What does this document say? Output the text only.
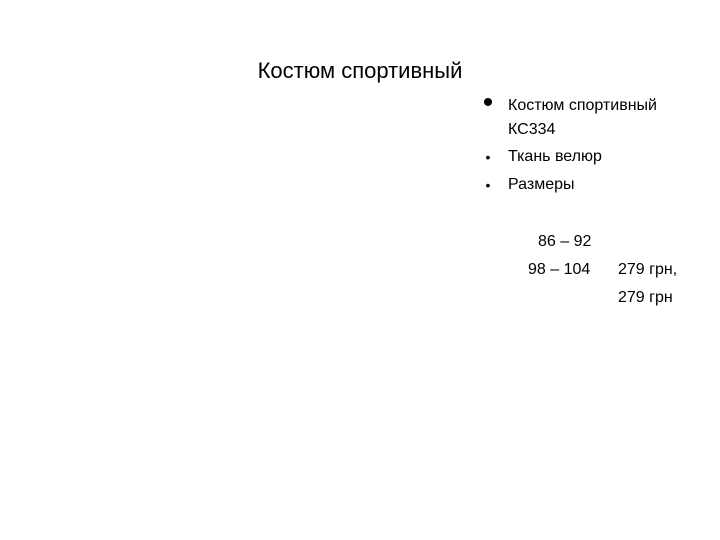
Костюм спортивный
• Костюм спортивный
КС334
•	Ткань велюр
•	Размеры

86 – 92

279 грн,

98 – 104

279 грн
